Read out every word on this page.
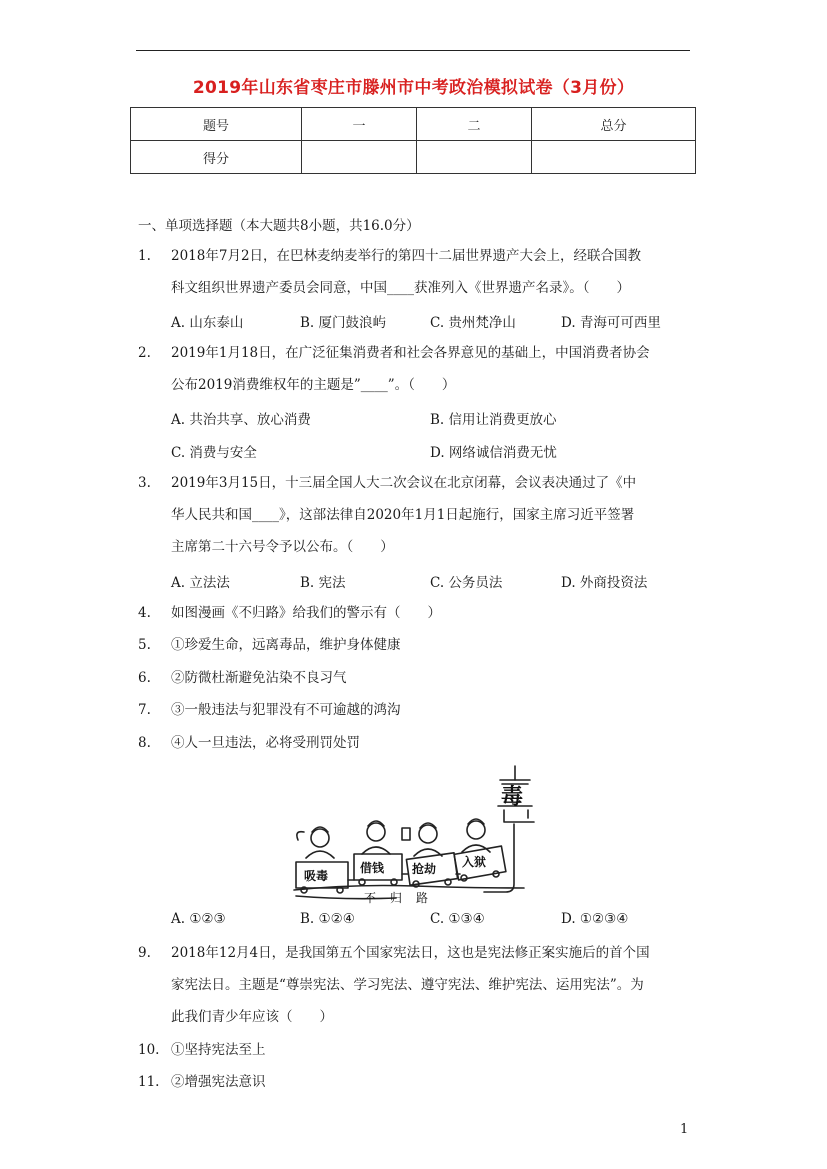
2019年山东省枣庄市滕州市中考政治模拟试卷（3月份）
题号	一	二	总分
得分			
一、单项选择题（本大题共8小题，共16.0分）
1.	2018年7月2日，在巴林麦纳麦举行的第四十二届世界遗产大会上，经联合国教
科文组织世界遗产委员会同意，中国____获准列入《世界遗产名录》。（　　）
A. 山东泰山	B. 厦门鼓浪屿	C. 贵州梵净山	D. 青海可可西里
2.	2019年1月18日，在广泛征集消费者和社会各界意见的基础上，中国消费者协会
公布2019消费维权年的主题是”____”。（　　）
A. 共治共享、放心消费	B. 信用让消费更放心
C. 消费与安全	D. 网络诚信消费无忧
3.	2019年3月15日，十三届全国人大二次会议在北京闭幕，会议表决通过了《中
华人民共和国____》，这部法律自2020年1月1日起施行，国家主席习近平签署
主席第二十六号令予以公布。（　　）
A. 立法法	B. 宪法	C. 公务员法	D. 外商投资法
4.	如图漫画《不归路》给我们的警示有（　　）
5.	①珍爱生命，远离毒品，维护身体健康
6.	②防微杜渐避免沾染不良习气
7.	③一般违法与犯罪没有不可逾越的鸿沟
8.	④人一旦违法，必将受刑罚处罚
吸毒
借钱 抢劫 入狱
毒
不归路
A. ①②③	B. ①②④	C. ①③④	D. ①②③④
9.	2018年12月4日，是我国第五个国家宪法日，这也是宪法修正案实施后的首个国
家宪法日。主题是“尊崇宪法、学习宪法、遵守宪法、维护宪法、运用宪法”。为
此我们青少年应该（　　）
10. ①坚持宪法至上
11. ②增强宪法意识
1
